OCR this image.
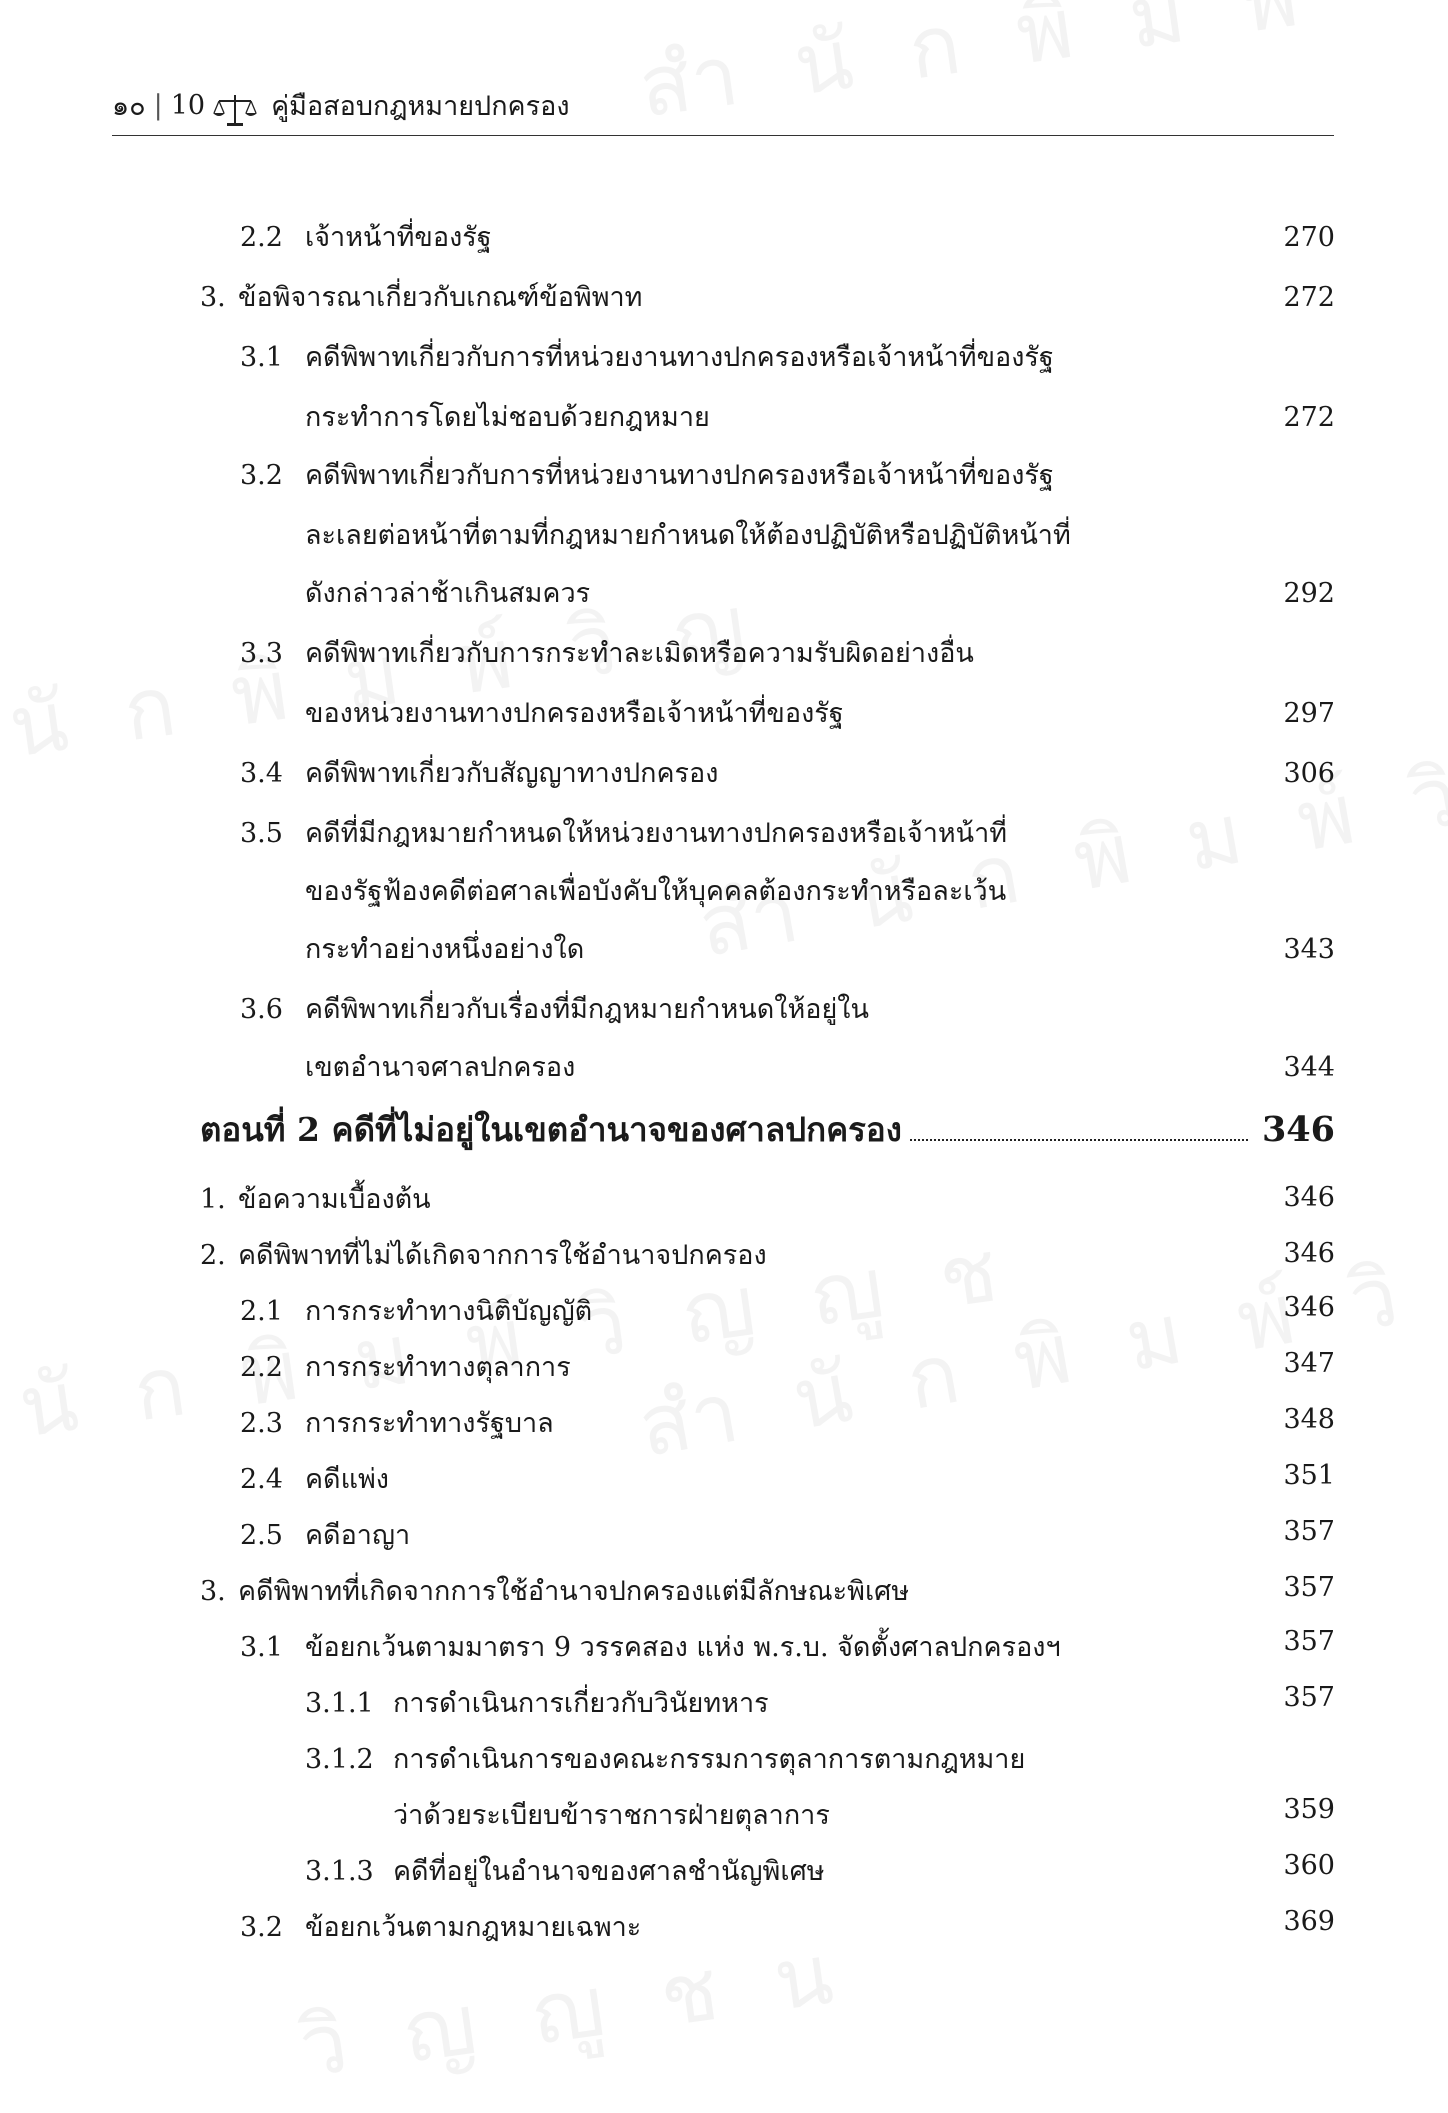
๑๐ | 10 คู่มือสอบกฎหมายปกครอง
2.2 เจ้าหน้าที่ของรัฐ	270
3. ข้อพิจารณาเกี่ยวกับเกณฑ์ข้อพิพาท	272
3.1 คดีพิพาทเกี่ยวกับการที่หน่วยงานทางปกครองหรือเจ้าหน้าที่ของรัฐ
กระทำการโดยไม่ชอบด้วยกฎหมาย	272
3.2 คดีพิพาทเกี่ยวกับการที่หน่วยงานทางปกครองหรือเจ้าหน้าที่ของรัฐ
ละเลยต่อหน้าที่ตามที่กฎหมายกำหนดให้ต้องปฏิบัติหรือปฏิบัติหน้าที่
ดังกล่าวล่าช้าเกินสมควร	292
3.3 คดีพิพาทเกี่ยวกับการกระทำละเมิดหรือความรับผิดอย่างอื่น
ของหน่วยงานทางปกครองหรือเจ้าหน้าที่ของรัฐ	297
3.4 คดีพิพาทเกี่ยวกับสัญญาทางปกครอง	306
3.5 คดีที่มีกฎหมายกำหนดให้หน่วยงานทางปกครองหรือเจ้าหน้าที่
ของรัฐฟ้องคดีต่อศาลเพื่อบังคับให้บุคคลต้องกระทำหรือละเว้น
กระทำอย่างหนึ่งอย่างใด	343
3.6 คดีพิพาทเกี่ยวกับเรื่องที่มีกฎหมายกำหนดให้อยู่ใน
เขตอำนาจศาลปกครอง	344
ตอนที่ 2 คดีที่ไม่อยู่ในเขตอำนาจของศาลปกครอง	346
1. ข้อความเบื้องต้น	346
2. คดีพิพาทที่ไม่ได้เกิดจากการใช้อำนาจปกครอง	346
2.1 การกระทำทางนิติบัญญัติ	346
2.2 การกระทำทางตุลาการ	347
2.3 การกระทำทางรัฐบาล	348
2.4 คดีแพ่ง	351
2.5 คดีอาญา	357
3. คดีพิพาทที่เกิดจากการใช้อำนาจปกครองแต่มีลักษณะพิเศษ	357
3.1 ข้อยกเว้นตามมาตรา 9 วรรคสอง แห่ง พ.ร.บ. จัดตั้งศาลปกครองฯ	357
3.1.1 การดำเนินการเกี่ยวกับวินัยทหาร	357
3.1.2 การดำเนินการของคณะกรรมการตุลาการตามกฎหมาย
ว่าด้วยระเบียบข้าราชการฝ่ายตุลาการ	359
3.1.3 คดีที่อยู่ในอำนาจของศาลชำนัญพิเศษ	360
3.2 ข้อยกเว้นตามกฎหมายเฉพาะ	369
